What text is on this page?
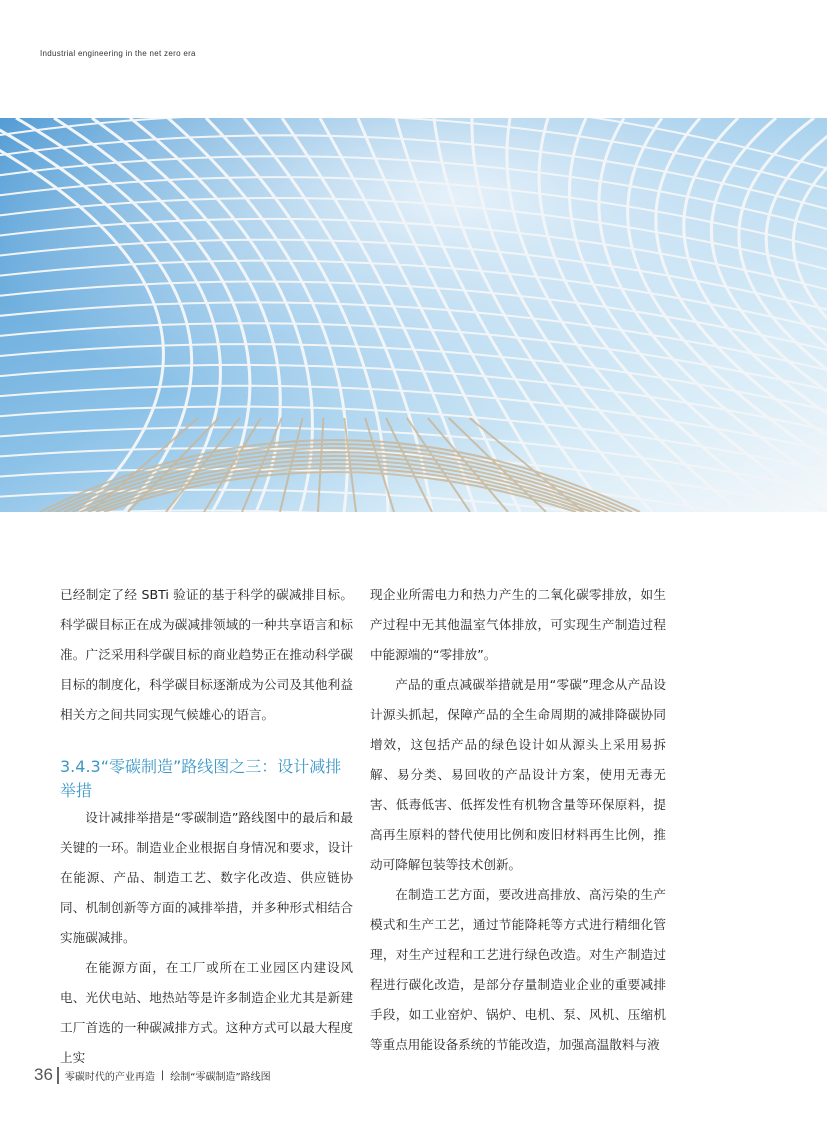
Industrial engineering in the net zero era

已经制定了经 SBTi 验证的基于科学的碳减排目标。科学碳目标正在成为碳减排领域的一种共享语言和标准。广泛采用科学碳目标的商业趋势正在推动科学碳目标的制度化，科学碳目标逐渐成为公司及其他利益相关方之间共同实现气候雄心的语言。

3.4.3“零碳制造”路线图之三：设计减排举措

设计减排举措是“零碳制造”路线图中的最后和最关键的一环。制造业企业根据自身情况和要求，设计在能源、产品、制造工艺、数字化改造、供应链协同、机制创新等方面的减排举措，并多种形式相结合实施碳减排。

在能源方面，在工厂或所在工业园区内建设风电、光伏电站、地热站等是许多制造企业尤其是新建工厂首选的一种碳减排方式。这种方式可以最大程度上实

现企业所需电力和热力产生的二氧化碳零排放，如生产过程中无其他温室气体排放，可实现生产制造过程中能源端的“零排放”。

产品的重点减碳举措就是用“零碳”理念从产品设计源头抓起，保障产品的全生命周期的减排降碳协同增效，这包括产品的绿色设计如从源头上采用易拆解、易分类、易回收的产品设计方案，使用无毒无害、低毒低害、低挥发性有机物含量等环保原料，提高再生原料的替代使用比例和废旧材料再生比例，推动可降解包装等技术创新。

在制造工艺方面，要改进高排放、高污染的生产模式和生产工艺，通过节能降耗等方式进行精细化管理，对生产过程和工艺进行绿色改造。对生产制造过程进行碳化改造，是部分存量制造业企业的重要减排手段，如工业窑炉、锅炉、电机、泵、风机、压缩机等重点用能设备系统的节能改造，加强高温散料与液

36 零碳时代的产业再造 | 绘制“零碳制造”路线图
